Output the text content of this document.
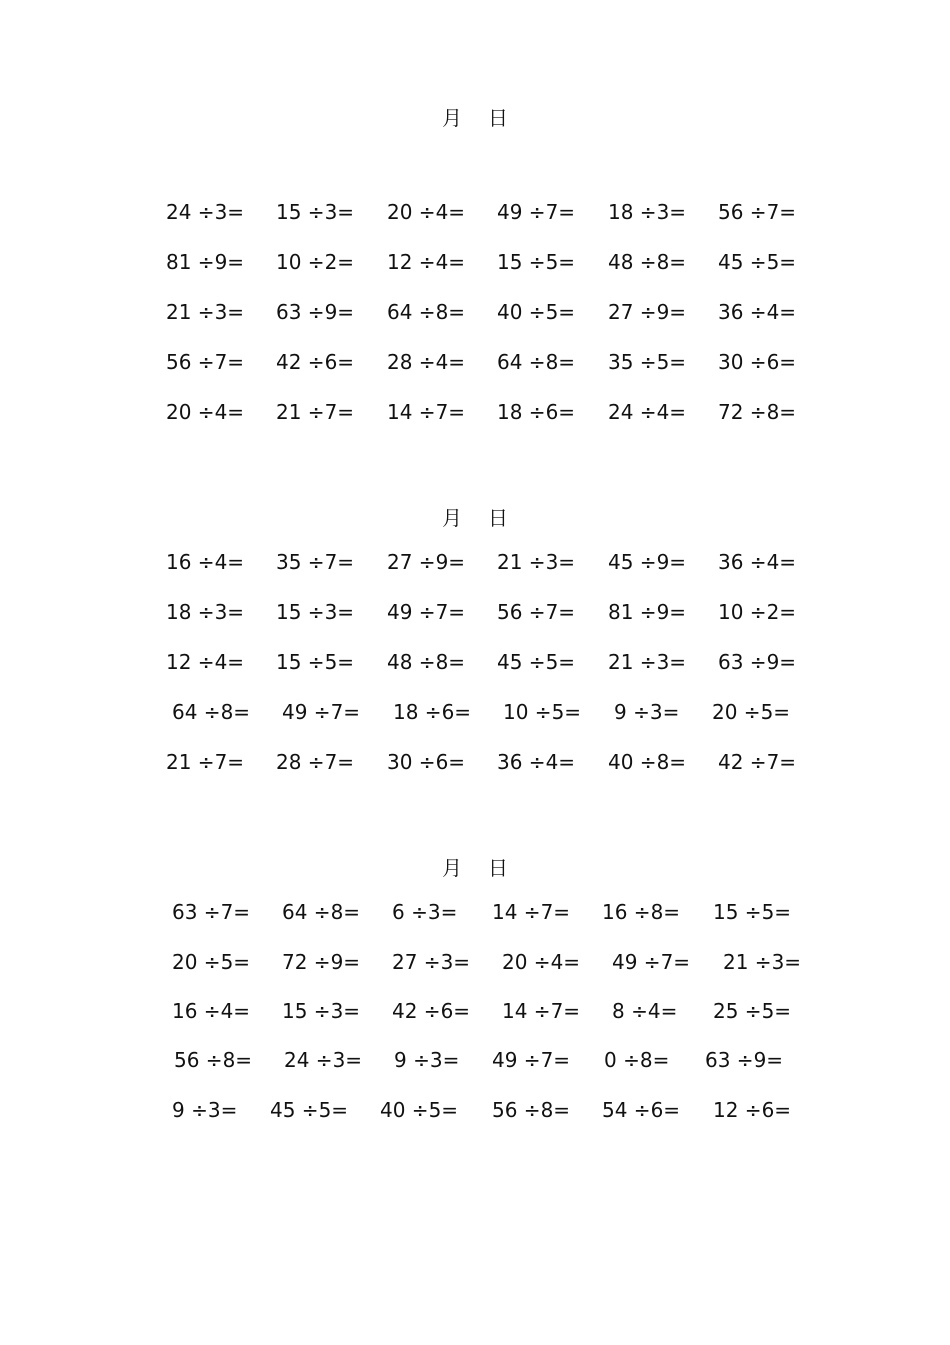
月 日
24 ÷3= 15 ÷3= 20 ÷4= 49 ÷7= 18 ÷3= 56 ÷7=
81 ÷9= 10 ÷2= 12 ÷4= 15 ÷5= 48 ÷8= 45 ÷5=
21 ÷3= 63 ÷9= 64 ÷8= 40 ÷5= 27 ÷9= 36 ÷4=
56 ÷7= 42 ÷6= 28 ÷4= 64 ÷8= 35 ÷5= 30 ÷6=
20 ÷4= 21 ÷7= 14 ÷7= 18 ÷6= 24 ÷4= 72 ÷8=
月 日
16 ÷4= 35 ÷7= 27 ÷9= 21 ÷3= 45 ÷9= 36 ÷4=
18 ÷3= 15 ÷3= 49 ÷7= 56 ÷7= 81 ÷9= 10 ÷2=
12 ÷4= 15 ÷5= 48 ÷8= 45 ÷5= 21 ÷3= 63 ÷9=
64 ÷8= 49 ÷7= 18 ÷6= 10 ÷5= 9 ÷3= 20 ÷5=
21 ÷7= 28 ÷7= 30 ÷6= 36 ÷4= 40 ÷8= 42 ÷7=
月 日
63 ÷7= 64 ÷8= 6 ÷3= 14 ÷7= 16 ÷8= 15 ÷5=
20 ÷5= 72 ÷9= 27 ÷3= 20 ÷4= 49 ÷7= 21 ÷3=
16 ÷4= 15 ÷3= 42 ÷6= 14 ÷7= 8 ÷4= 25 ÷5=
56 ÷8= 24 ÷3= 9 ÷3= 49 ÷7= 0 ÷8= 63 ÷9=
9 ÷3= 45 ÷5= 40 ÷5= 56 ÷8= 54 ÷6= 12 ÷6=
